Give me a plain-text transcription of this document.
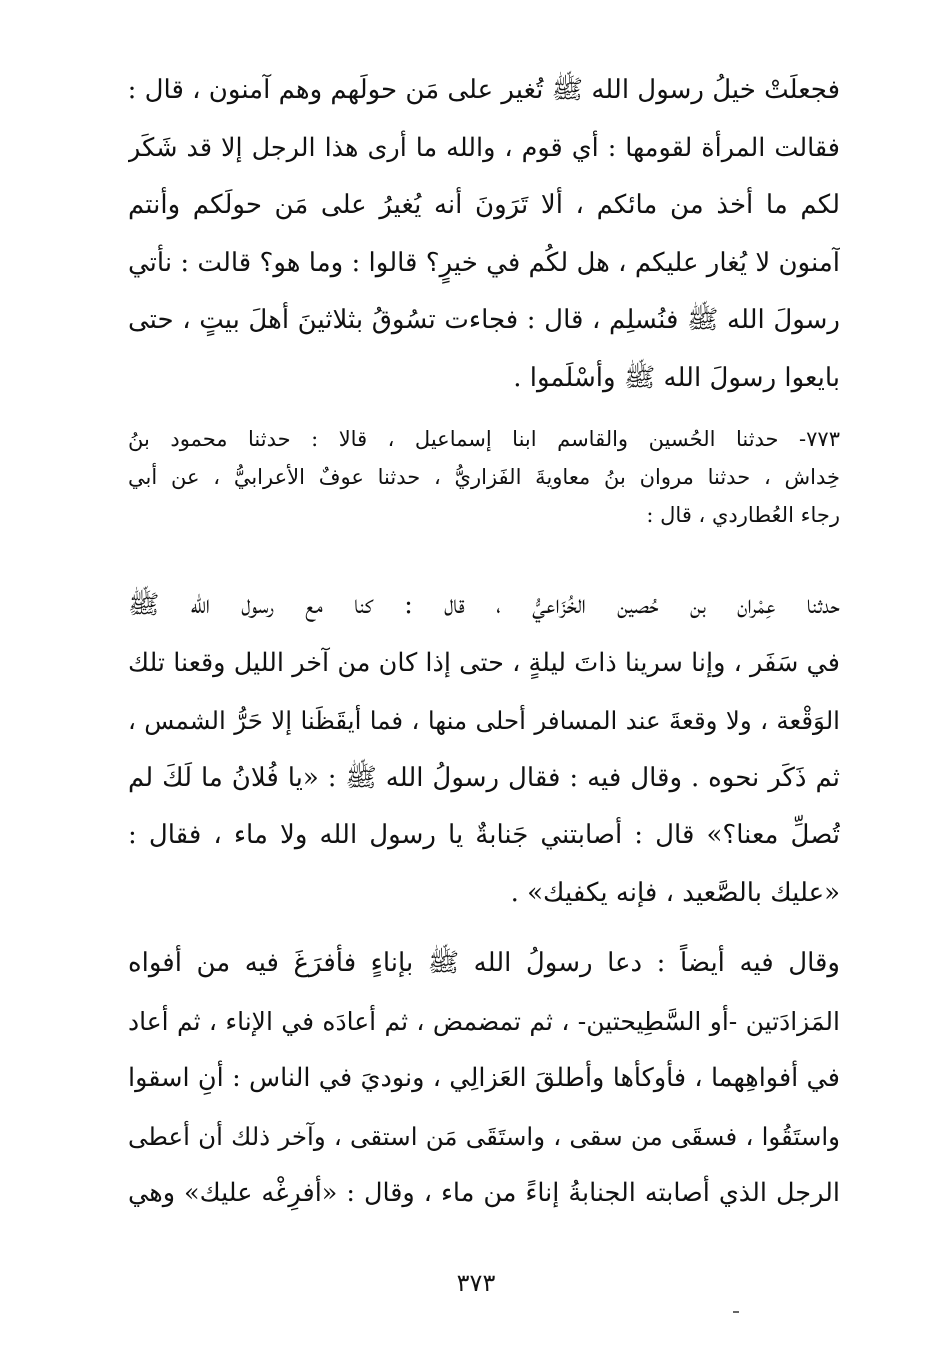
فجعلَتْ خيلُ رسول الله ﷺ تُغير على مَن حولَهم وهم آمنون ، قال :
فقالت المرأة لقومها : أي قوم ، والله ما أرى هذا الرجل إلا قد شَكَر
لكم ما أخذ من مائكم ، ألا تَرَونَ أنه يُغيرُ على مَن حولَكم وأنتم
آمنون لا يُغار عليكم ، هل لكُم في خيرٍ؟ قالوا : وما هو؟ قالت : نأتي
رسولَ الله ﷺ فنُسلِم ، قال : فجاءت تسُوقُ بثلاثينَ أهلَ بيتٍ ، حتى
بايعوا رسولَ الله ﷺ وأسْلَموا .
٧٧٣- حدثنا الحُسين والقاسم ابنا إسماعيل ، قالا : حدثنا محمود بنُ
خِداش ، حدثنا مروان بنُ معاويةَ الفَزاريُّ ، حدثنا عوفٌ الأعرابيُّ ، عن أبي
رجاء العُطاردي ، قال :
حدثنا عِمْران بن حُصين الخُزَاعيُّ ، قال : كنا مع رسول الله ﷺ
في سَفَر ، وإنا سرينا ذاتَ ليلةٍ ، حتى إذا كان من آخر الليل وقعنا تلك
الوَقْعة ، ولا وقعةَ عند المسافر أحلى منها ، فما أيقَظَنا إلا حَرُّ الشمس ،
ثم ذَكَر نحوه . وقال فيه : فقال رسولُ الله ﷺ : «يا فُلانُ ما لَكَ لم
تُصلِّ معنا؟» قال : أصابتني جَنابةٌ يا رسول الله ولا ماء ، فقال :
«عليك بالصَّعيد ، فإنه يكفيك» .
وقال فيه أيضاً : دعا رسولُ الله ﷺ بإناءٍ فأفرَغَ فيه من أفواه
المَزادَتين -أو السَّطِيحتين- ، ثم تمضمض ، ثم أعادَه في الإناء ، ثم أعاد
في أفواهِهما ، فأوكأها وأطلقَ العَزالِي ، ونوديَ في الناس : أنِ اسقوا
واستَقُوا ، فسقَى من سقى ، واستَقَى مَن استقى ، وآخر ذلك أن أعطى
الرجل الذي أصابته الجنابةُ إناءً من ماء ، وقال : «أفرِغْه عليك» وهي
٣٧٣
